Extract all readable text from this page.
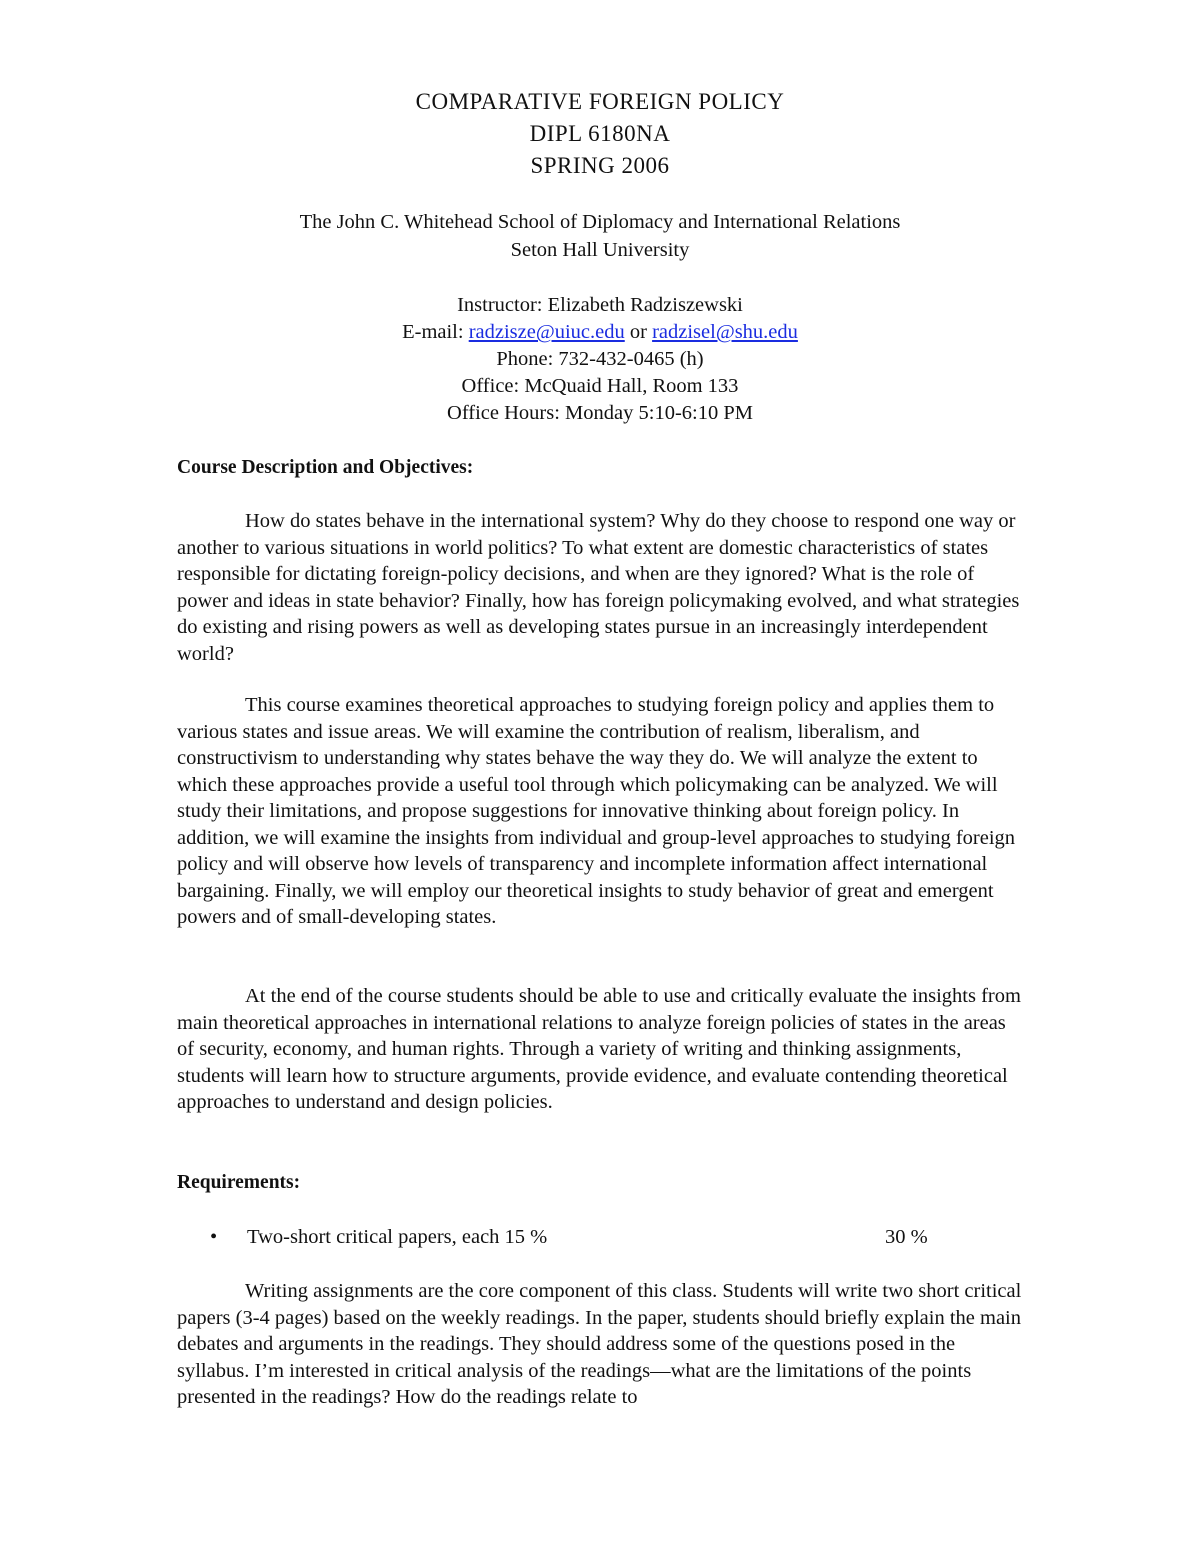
COMPARATIVE FOREIGN POLICY
DIPL 6180NA
SPRING 2006
The John C. Whitehead School of Diplomacy and International Relations
Seton Hall University
Instructor: Elizabeth Radziszewski
E-mail: radzisze@uiuc.edu or radzisel@shu.edu
Phone: 732-432-0465 (h)
Office: McQuaid Hall, Room 133
Office Hours: Monday 5:10-6:10 PM
Course Description and Objectives:

How do states behave in the international system? Why do they choose to respond one way or another to various situations in world politics? To what extent are domestic characteristics of states responsible for dictating foreign-policy decisions, and when are they ignored? What is the role of power and ideas in state behavior? Finally, how has foreign policymaking evolved, and what strategies do existing and rising powers as well as developing states pursue in an increasingly interdependent world?

This course examines theoretical approaches to studying foreign policy and applies them to various states and issue areas. We will examine the contribution of realism, liberalism, and constructivism to understanding why states behave the way they do. We will analyze the extent to which these approaches provide a useful tool through which policymaking can be analyzed. We will study their limitations, and propose suggestions for innovative thinking about foreign policy. In addition, we will examine the insights from individual and group-level approaches to studying foreign policy and will observe how levels of transparency and incomplete information affect international bargaining. Finally, we will employ our theoretical insights to study behavior of great and emergent powers and of small-developing states.

At the end of the course students should be able to use and critically evaluate the insights from main theoretical approaches in international relations to analyze foreign policies of states in the areas of security, economy, and human rights. Through a variety of writing and thinking assignments, students will learn how to structure arguments, provide evidence, and evaluate contending theoretical approaches to understand and design policies.

Requirements:
• Two-short critical papers, each 15 %	30 %

Writing assignments are the core component of this class. Students will write two short critical papers (3-4 pages) based on the weekly readings. In the paper, students should briefly explain the main debates and arguments in the readings. They should address some of the questions posed in the syllabus. I’m interested in critical analysis of the readings—what are the limitations of the points presented in the readings? How do the readings relate to
